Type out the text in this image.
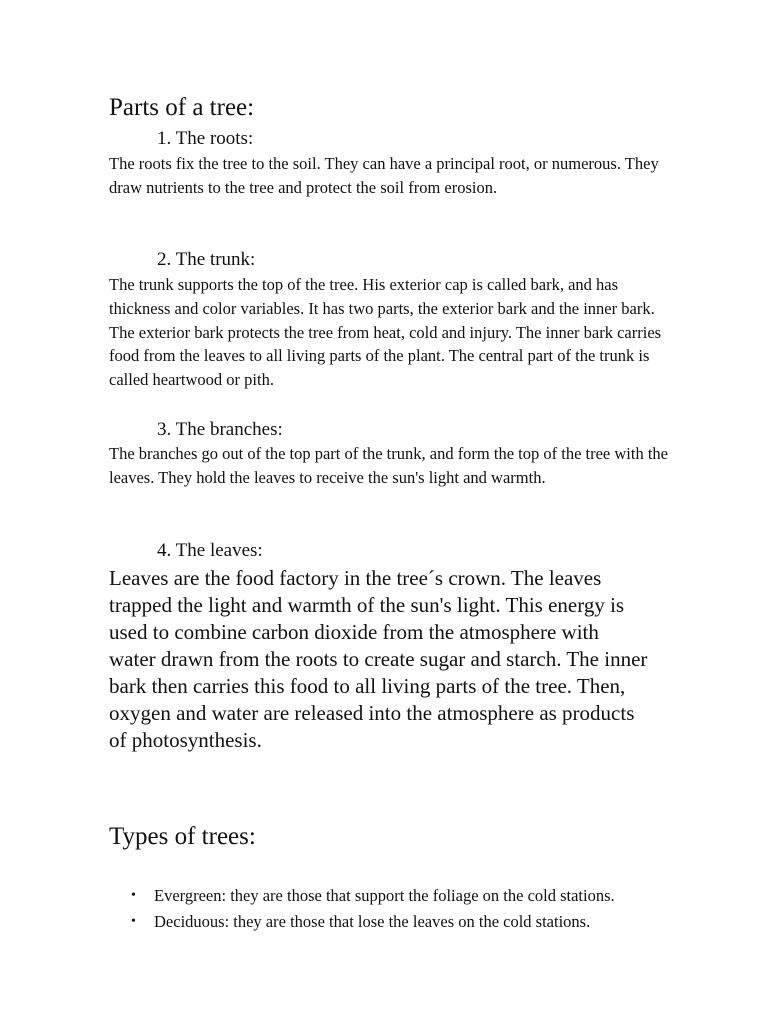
Parts of a tree:
1. The roots:

The roots fix the tree to the soil. They can have a principal root, or numerous. They draw nutrients to the tree and protect the soil from erosion.

2. The trunk:

The trunk supports the top of the tree. His exterior cap is called bark, and has thickness and color variables. It has two parts, the exterior bark and the inner bark. The exterior bark protects the tree from heat, cold and injury. The inner bark carries food from the leaves to all living parts of the plant. The central part of the trunk is called heartwood or pith.

3. The branches:

The branches go out of the top part of the trunk, and form the top of the tree with the leaves. They hold the leaves to receive the sun's light and warmth.

4. The leaves:

Leaves are the food factory in the tree´s crown. The leaves trapped the light and warmth of the sun's light. This energy is used to combine carbon dioxide from the atmosphere with water drawn from the roots to create sugar and starch. The inner bark then carries this food to all living parts of the tree. Then, oxygen and water are released into the atmosphere as products of photosynthesis.

Types of trees:
• Evergreen: they are those that support the foliage on the cold stations.
• Deciduous: they are those that lose the leaves on the cold stations.
